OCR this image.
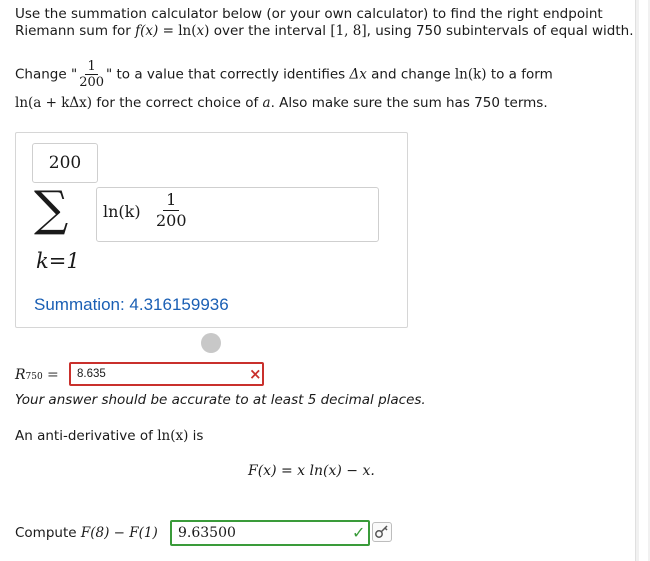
Use the summation calculator below (or your own calculator) to find the right endpoint
Riemann sum for f(x) = ln(x) over the interval [1, 8], using 750 subintervals of equal width.
Change " $\frac{1}{200}$ " to a value that correctly identifies Δx and change ln(k) to a form
ln(a + kΔx) for the correct choice of a. Also make sure the sum has 750 terms.
200
∑ $\ln(k) \frac{1}{200}$
k=1
Summation: 4.316159936
R750 =	8.635	×
Your answer should be accurate to at least 5 decimal places.
An anti-derivative of ln(x) is
F(x) = x ln(x) − x.
Compute F(8) − F(1)	9.63500	✓
